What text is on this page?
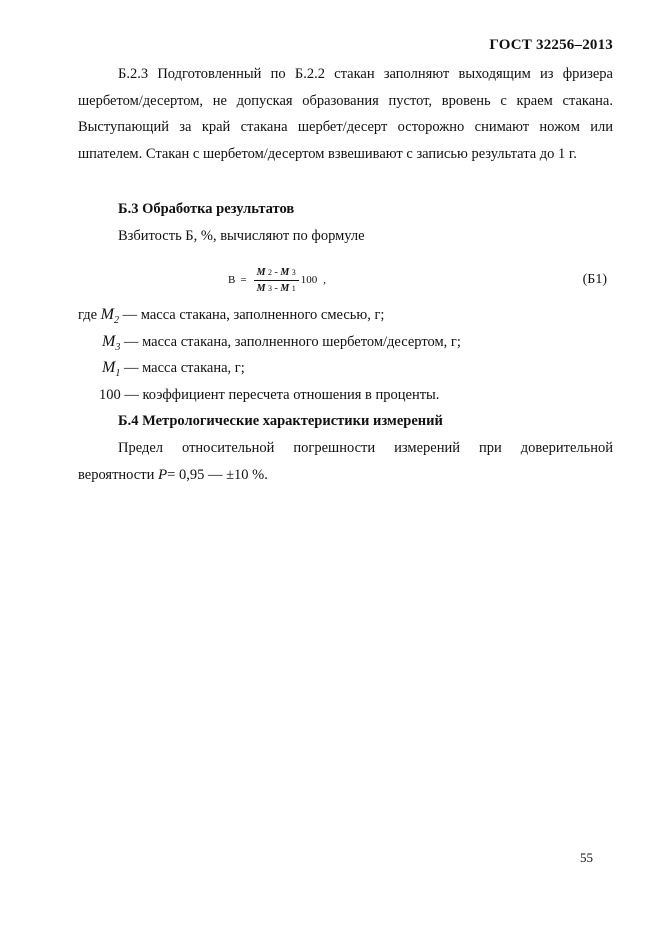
ГОСТ 32256–2013
Б.2.3 Подготовленный по Б.2.2 стакан заполняют выходящим из фризера шербетом/десертом, не допуская образования пустот, вровень с краем стакана. Выступающий за край стакана шербет/десерт осторожно снимают ножом или шпателем. Стакан с шербетом/десертом взвешивают с записью результата до 1 г.
Б.3 Обработка результатов
Взбитость Б, %, вычисляют по формуле
$В = \frac{М 2 - М 3}{М 3 - М 1} 100$ ,	(Б1)
где $M_2$ — масса стакана, заполненного смесью, г;
$M_3$ — масса стакана, заполненного шербетом/десертом, г;
$M_1$ — масса стакана, г;
100 — коэффициент пересчета отношения в проценты.
Б.4 Метрологические характеристики измерений
Предел относительной погрешности измерений при доверительной вероятности Р= 0,95 — ±10 %.
55
